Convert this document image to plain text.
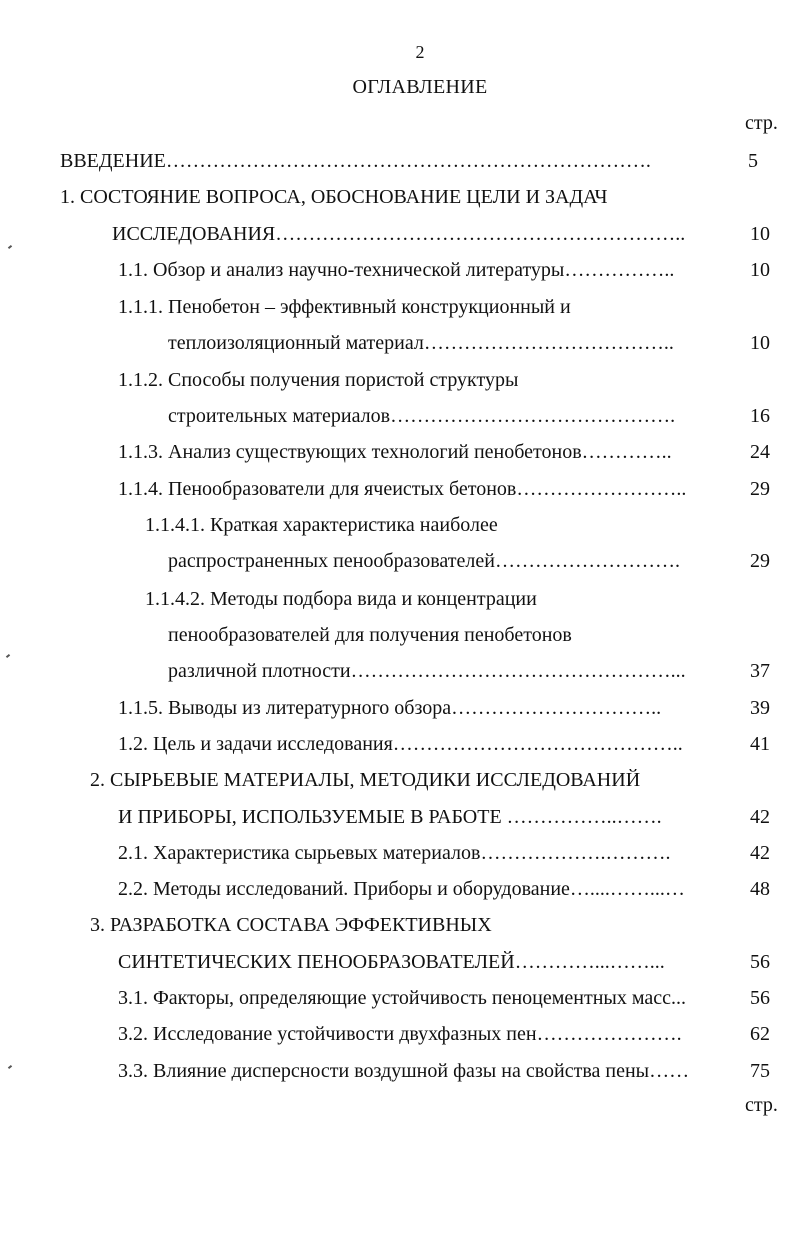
2
ОГЛАВЛЕНИЕ
стр.
ВВЕДЕНИЕ……………………………………………………………….	5
1. СОСТОЯНИЕ ВОПРОСА, ОБОСНОВАНИЕ ЦЕЛИ И ЗАДАЧ
ИССЛЕДОВАНИЯ……………………………………………………..	10
1.1. Обзор и анализ научно-технической литературы……………..	10
1.1.1. Пенобетон – эффективный конструкционный и
теплоизоляционный материал………………………………..	10
1.1.2. Способы получения пористой структуры
строительных материалов…………………………………….	16
1.1.3. Анализ существующих технологий пенобетонов…………..	24
1.1.4. Пенообразователи для ячеистых бетонов……………………..	29
1.1.4.1. Краткая характеристика наиболее
распространенных пенообразователей……………………….	29
1.1.4.2. Методы подбора вида и концентрации
пенообразователей для получения пенобетонов
различной плотности…………………………………………...	37
1.1.5. Выводы из литературного обзора…………………………..	39
1.2. Цель и задачи исследования……………………………………..	41
2. СЫРЬЕВЫЕ МАТЕРИАЛЫ, МЕТОДИКИ ИССЛЕДОВАНИЙ
И ПРИБОРЫ, ИСПОЛЬЗУЕМЫЕ В РАБОТЕ ……………..…….	42
2.1. Характеристика сырьевых материалов……………….……….	42
2.2. Методы исследований. Приборы и оборудование…....……...…	48
3. РАЗРАБОТКА СОСТАВА ЭФФЕКТИВНЫХ
СИНТЕТИЧЕСКИХ ПЕНООБРАЗОВАТЕЛЕЙ…………...……...	56
3.1. Факторы, определяющие устойчивость пеноцементных масс...	56
3.2. Исследование устойчивости двухфазных пен………………….	62
3.3. Влияние дисперсности воздушной фазы на свойства пены……	75
стр.
